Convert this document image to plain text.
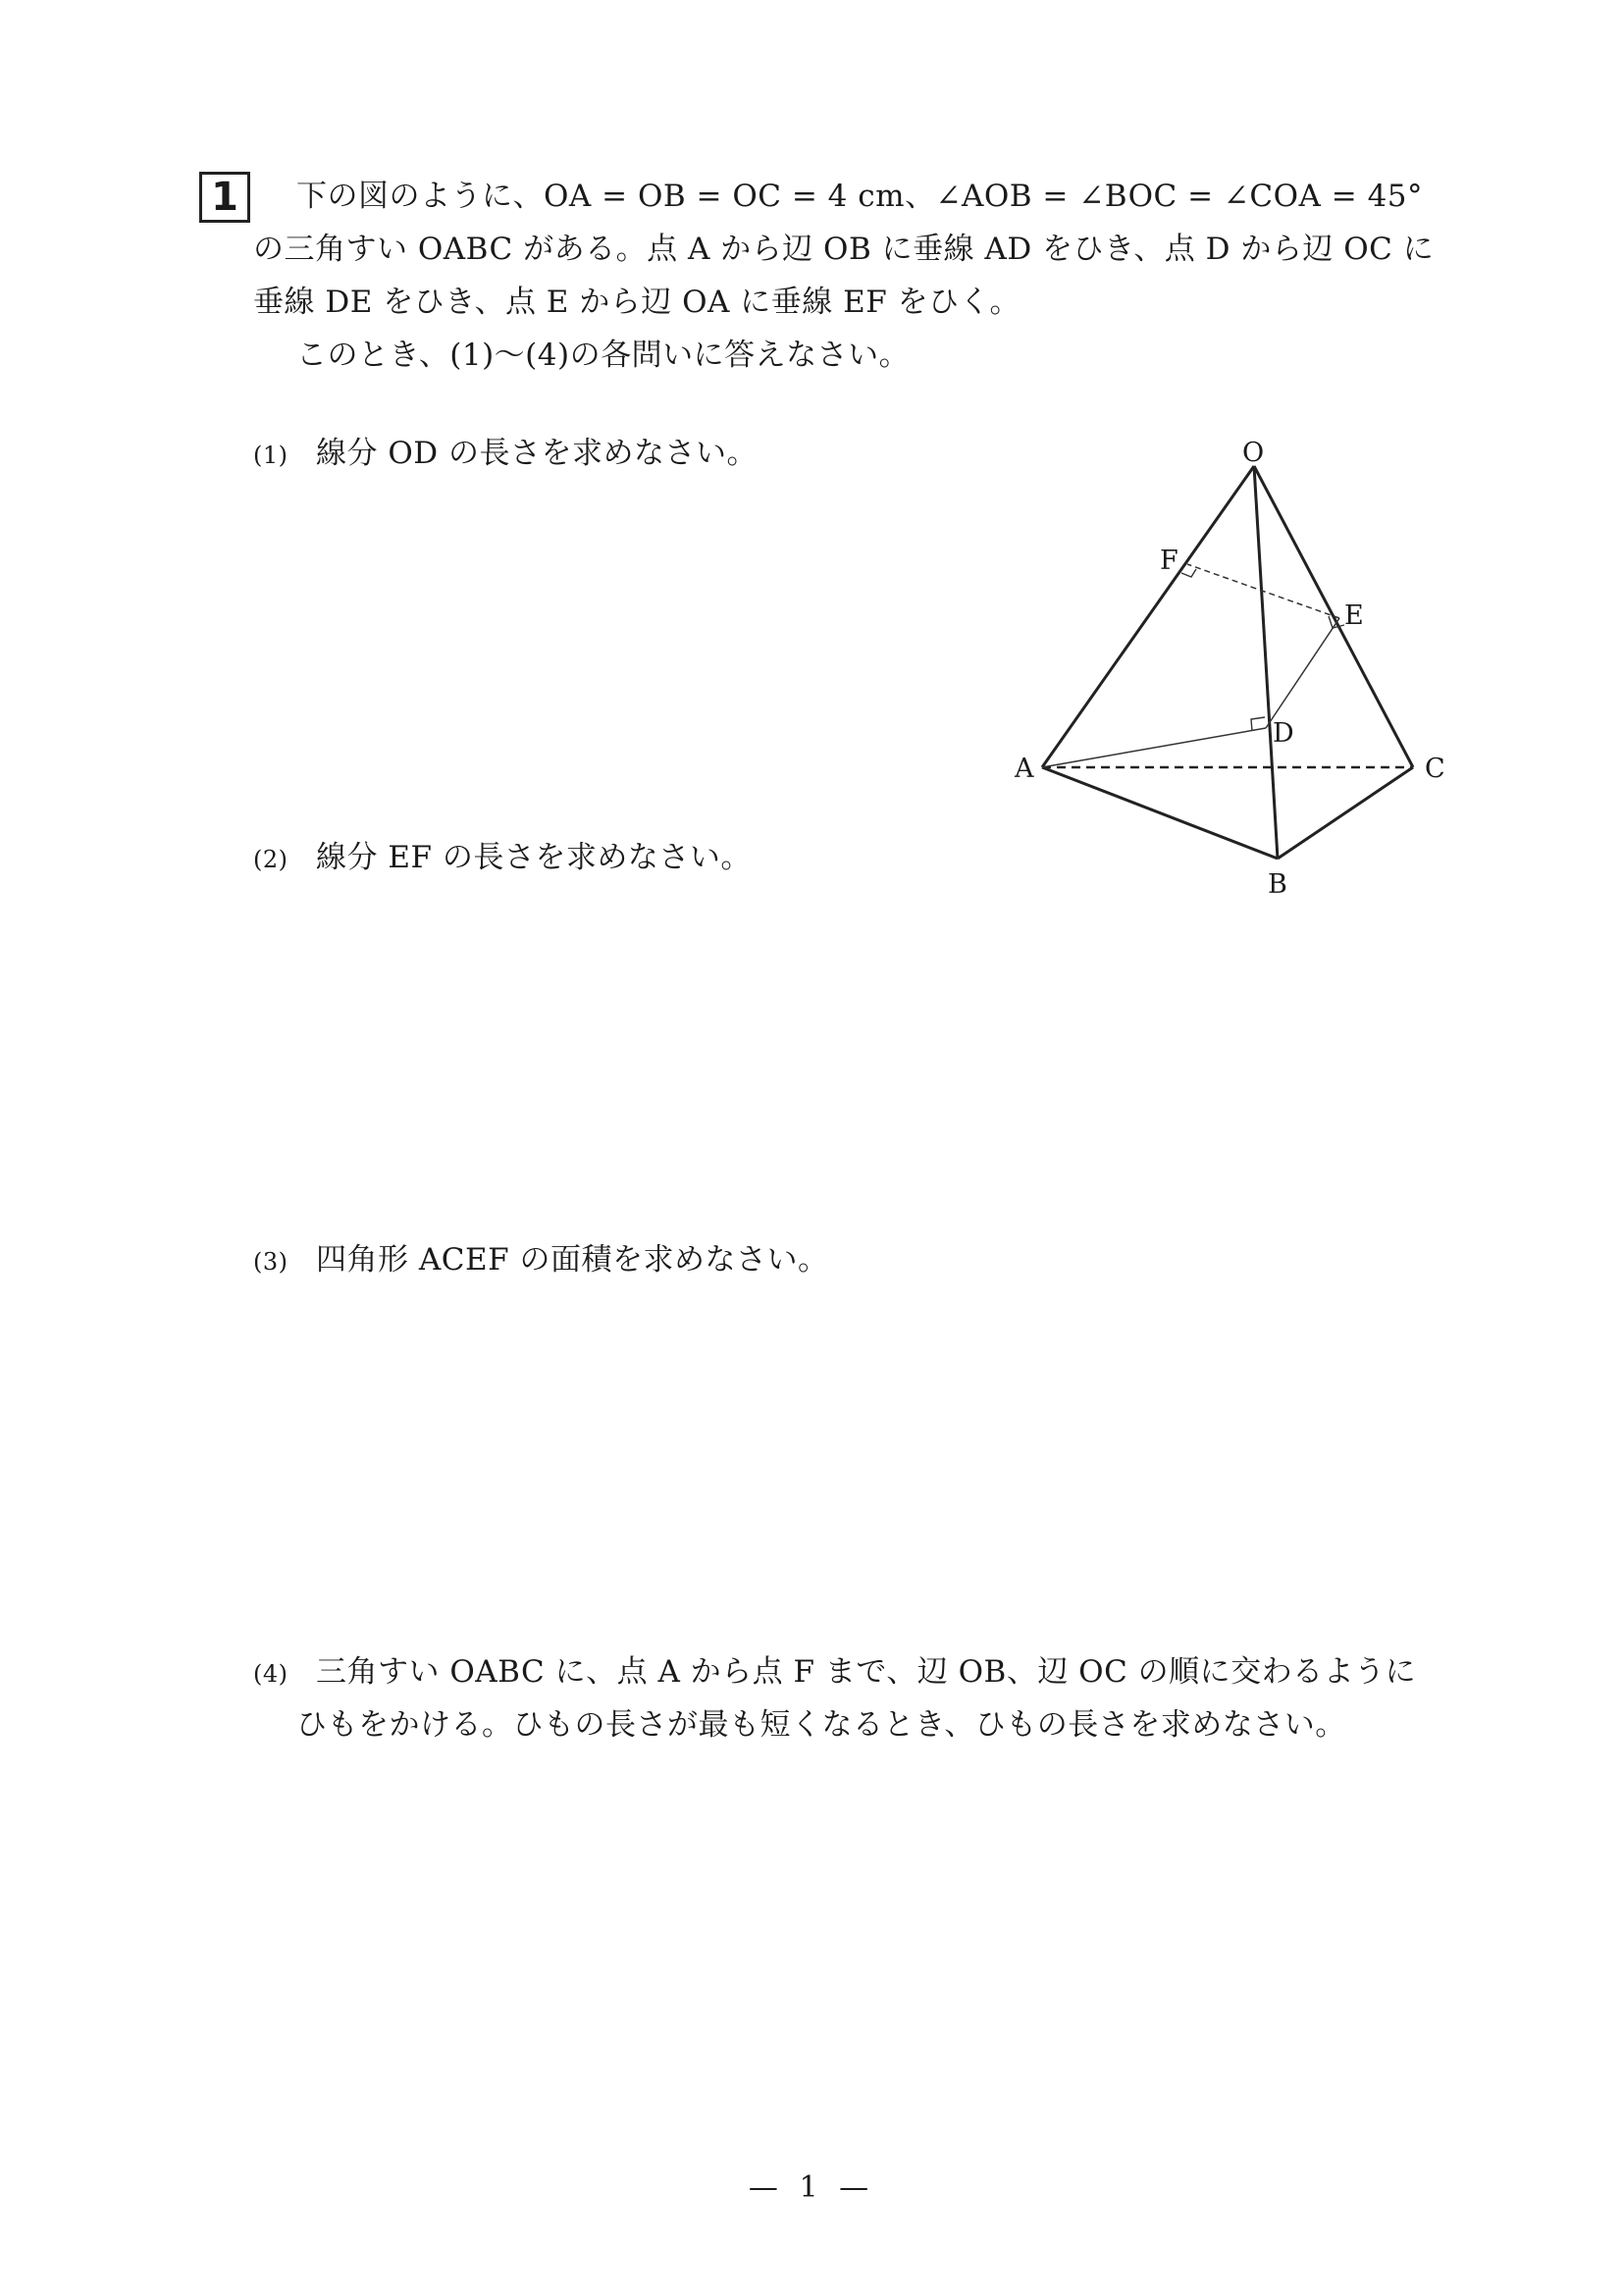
1	下の図のように、OA = OB = OC = 4 cm、∠AOB = ∠BOC = ∠COA = 45°
の三角すい OABC がある。点 A から辺 OB に垂線 AD をひき、点 D から辺 OC に
垂線 DE をひき、点 E から辺 OA に垂線 EF をひく。
このとき、(1)〜(4)の各問いに答えなさい。
(1) 線分 OD の長さを求めなさい。
(2) 線分 EF の長さを求めなさい。
(3) 四角形 ACEF の面積を求めなさい。
(4) 三角すい OABC に、点 A から点 F まで、辺 OB、辺 OC の順に交わるように
ひもをかける。ひもの長さが最も短くなるとき、ひもの長さを求めなさい。
O
F
E
D
A	C
B
— 1 —
